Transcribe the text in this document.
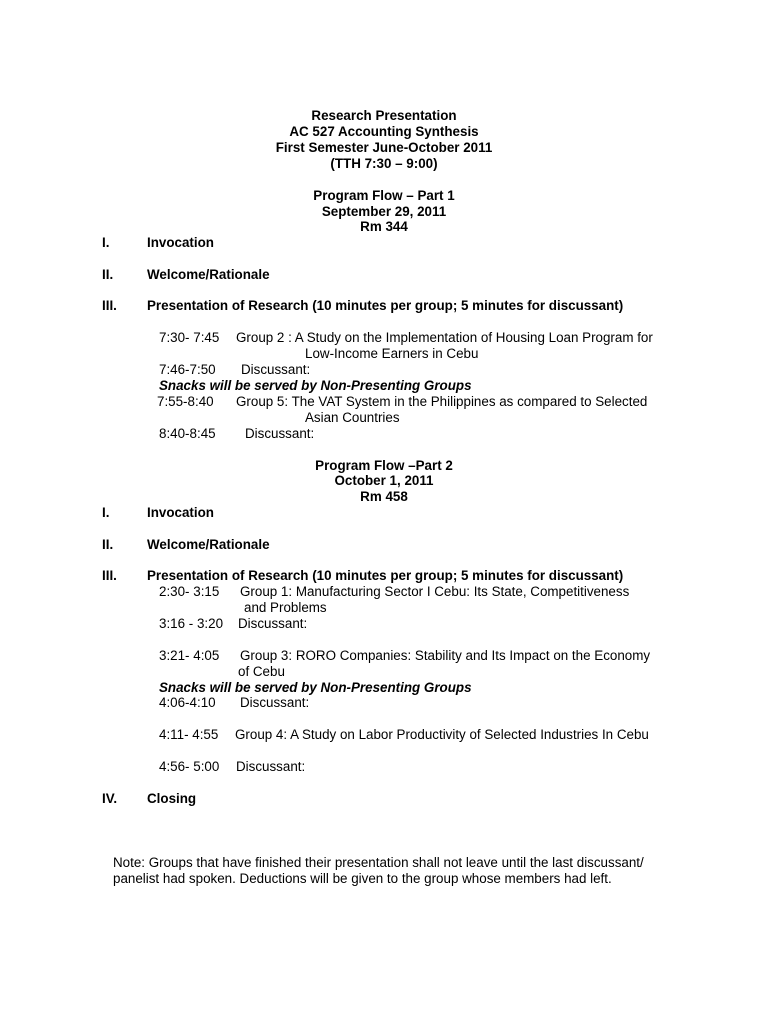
Research Presentation
AC 527 Accounting Synthesis
First Semester June-October 2011
(TTH 7:30 – 9:00)
Program Flow – Part 1
September 29, 2011
Rm 344
I.	Invocation
II.	Welcome/Rationale
III. Presentation of Research (10 minutes per group; 5 minutes for discussant)
7:30- 7:45 Group 2 : A Study on the Implementation of Housing Loan Program for
Low-Income Earners in Cebu
7:46-7:50 Discussant:
Snacks will be served by Non-Presenting Groups
7:55-8:40 Group 5: The VAT System in the Philippines as compared to Selected
Asian Countries
8:40-8:45 Discussant:
Program Flow –Part 2
October 1, 2011
Rm 458
I.	Invocation
II.	Welcome/Rationale
III. Presentation of Research (10 minutes per group; 5 minutes for discussant)
2:30- 3:15 Group 1: Manufacturing Sector I Cebu: Its State, Competitiveness
and Problems
3:16 - 3:20 Discussant:
3:21- 4:05 Group 3: RORO Companies: Stability and Its Impact on the Economy
of Cebu
Snacks will be served by Non-Presenting Groups
4:06-4:10 Discussant:
4:11- 4:55 Group 4: A Study on Labor Productivity of Selected Industries In Cebu
4:56- 5:00 Discussant:
IV. Closing
Note: Groups that have finished their presentation shall not leave until the last discussant/ panelist had spoken. Deductions will be given to the group whose members had left.
